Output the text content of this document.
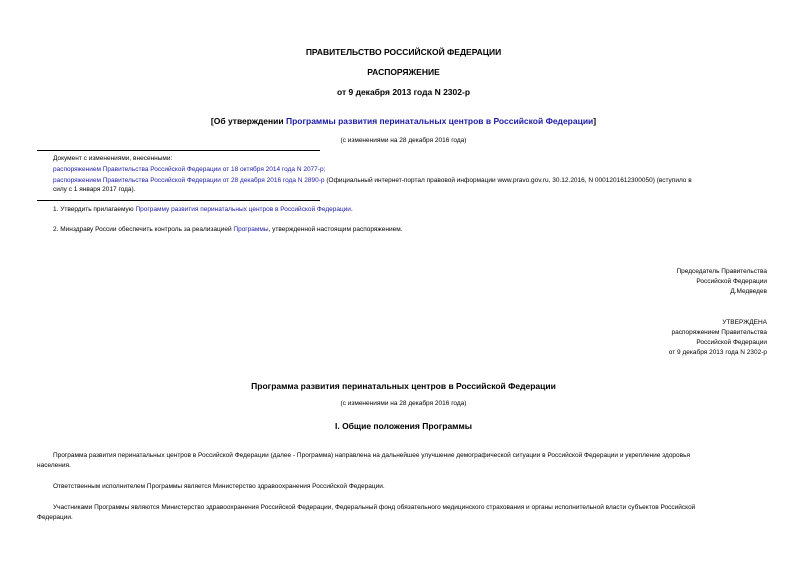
ПРАВИТЕЛЬСТВО РОССИЙСКОЙ ФЕДЕРАЦИИ
РАСПОРЯЖЕНИЕ
от 9 декабря 2013 года N 2302-р
[Об утверждении Программы развития перинатальных центров в Российской Федерации]
(с изменениями на 28 декабря 2016 года)
Документ с изменениями, внесенными:
распоряжением Правительства Российской Федерации от 18 октября 2014 года N 2077-р;
распоряжением Правительства Российской Федерации от 28 декабря 2016 года N 2890-р (Официальный интернет-портал правовой информации www.pravo.gov.ru, 30.12.2016, N 0001201612300050) (вступило в
силу с 1 января 2017 года).
1. Утвердить прилагаемую Программу развития перинатальных центров в Российской Федерации.
2. Минздраву России обеспечить контроль за реализацией Программы, утвержденной настоящим распоряжением.
Председатель Правительства
Российской Федерации
Д.Медведев
УТВЕРЖДЕНА
распоряжением Правительства
Российской Федерации
от 9 декабря 2013 года N 2302-р
Программа развития перинатальных центров в Российской Федерации
(с изменениями на 28 декабря 2016 года)
I. Общие положения Программы
Программа развития перинатальных центров в Российской Федерации (далее - Программа) направлена на дальнейшее улучшение демографической ситуации в Российской Федерации и укрепление здоровья
населения.
Ответственным исполнителем Программы является Министерство здравоохранения Российской Федерации.
Участниками Программы являются Министерство здравоохранения Российской Федерации, Федеральный фонд обязательного медицинского страхования и органы исполнительной власти субъектов Российской
Федерации.
